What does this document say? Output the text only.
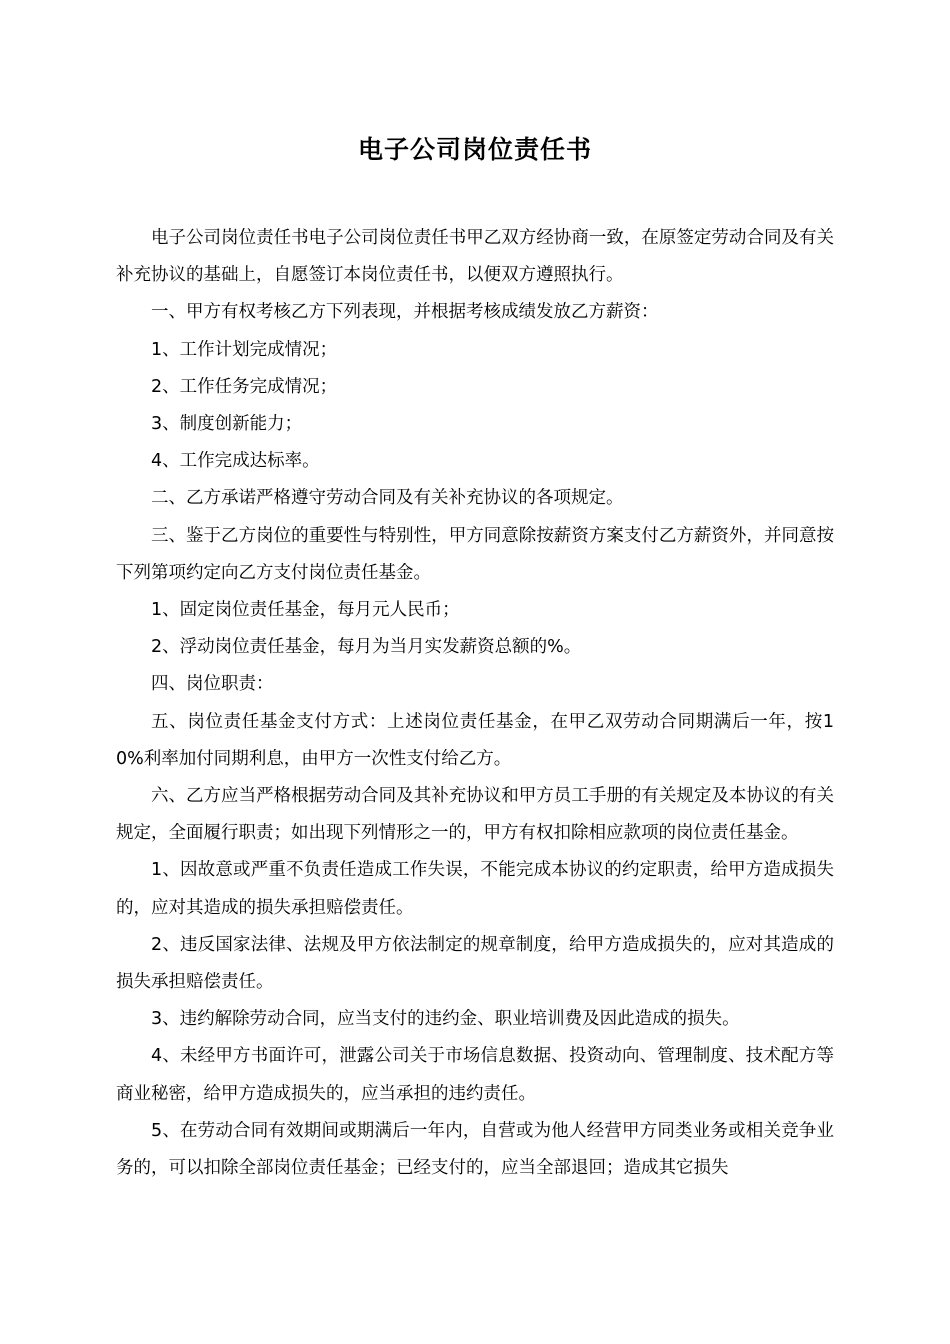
电子公司岗位责任书

电子公司岗位责任书电子公司岗位责任书甲乙双方经协商一致，在原签定劳动合同及有关补充协议的基础上，自愿签订本岗位责任书，以便双方遵照执行。

一、甲方有权考核乙方下列表现，并根据考核成绩发放乙方薪资：

1、工作计划完成情况；

2、工作任务完成情况；

3、制度创新能力；

4、工作完成达标率。

二、乙方承诺严格遵守劳动合同及有关补充协议的各项规定。

三、鉴于乙方岗位的重要性与特别性，甲方同意除按薪资方案支付乙方薪资外，并同意按下列第项约定向乙方支付岗位责任基金。

1、固定岗位责任基金，每月元人民币；

2、浮动岗位责任基金，每月为当月实发薪资总额的%。

四、岗位职责：

五、岗位责任基金支付方式：上述岗位责任基金，在甲乙双劳动合同期满后一年，按10%利率加付同期利息，由甲方一次性支付给乙方。

六、乙方应当严格根据劳动合同及其补充协议和甲方员工手册的有关规定及本协议的有关规定，全面履行职责；如出现下列情形之一的，甲方有权扣除相应款项的岗位责任基金。

1、因故意或严重不负责任造成工作失误，不能完成本协议的约定职责，给甲方造成损失的，应对其造成的损失承担赔偿责任。

2、违反国家法律、法规及甲方依法制定的规章制度，给甲方造成损失的，应对其造成的损失承担赔偿责任。

3、违约解除劳动合同，应当支付的违约金、职业培训费及因此造成的损失。

4、未经甲方书面许可，泄露公司关于市场信息数据、投资动向、管理制度、技术配方等商业秘密，给甲方造成损失的，应当承担的违约责任。

5、在劳动合同有效期间或期满后一年内，自营或为他人经营甲方同类业务或相关竞争业务的，可以扣除全部岗位责任基金；已经支付的，应当全部退回；造成其它损失
